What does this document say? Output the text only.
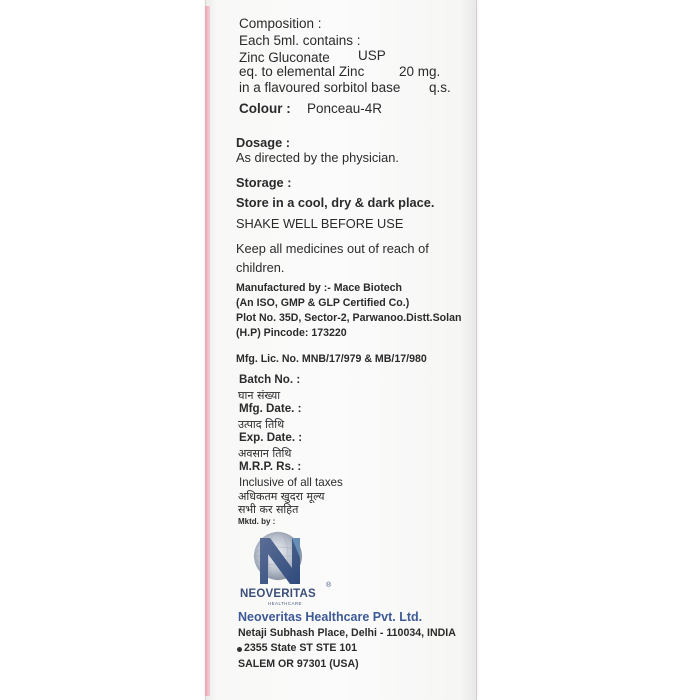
Composition :
Each 5ml. contains :
Zinc Gluconate USP
eq. to elemental Zinc	20 mg.
in a flavoured sorbitol base q.s.
Colour : Ponceau-4R
Dosage :
As directed by the physician.
Storage :
Store in a cool, dry & dark place.
SHAKE WELL BEFORE USE
Keep all medicines out of reach of
children.
Manufactured by :- Mace Biotech
(An ISO, GMP & GLP Certified Co.)
Plot No. 35D, Sector-2, Parwanoo.Distt.Solan
(H.P) Pincode: 173220
Mfg. Lic. No. MNB/17/979 & MB/17/980
Batch No. :
घान संख्या
Mfg. Date. :
उत्पाद तिथि
Exp. Date. :
अवसान तिथि
M.R.P. Rs. :
Inclusive of all taxes
अधिकतम खुदरा मूल्य
सभी कर सहित
Mktd. by :
NEOVERITAS
®
HEALTHCARE
Neoveritas Healthcare Pvt. Ltd.
Netaji Subhash Place, Delhi - 110034, INDIA
2355 State ST STE 101
SALEM OR 97301 (USA)
